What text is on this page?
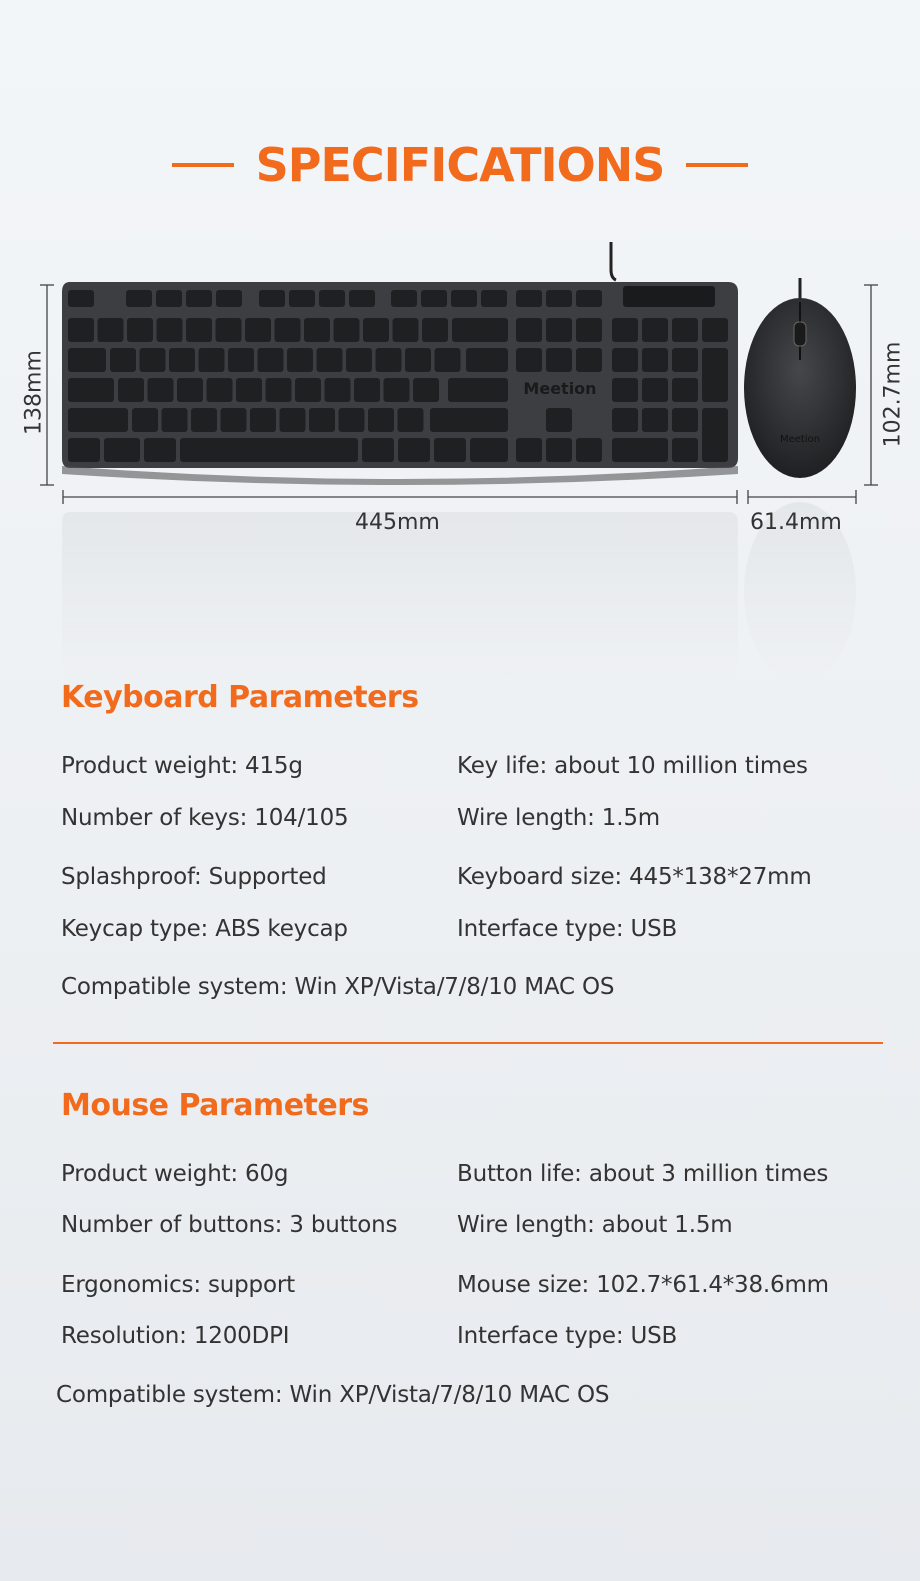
SPECIFICATIONS
Meetion
Meetion
138mm	102.7mm
445mm	61.4mm
Keyboard Parameters
Product weight: 415g	Key life: about 10 million times
Number of keys: 104/105	Wire length: 1.5m
Splashproof: Supported	Keyboard size: 445*138*27mm
Keycap type: ABS keycap	Interface type: USB
Compatible system: Win XP/Vista/7/8/10 MAC OS
Mouse Parameters
Product weight: 60g	Button life: about 3 million times
Number of buttons: 3 buttons	Wire length: about 1.5m
Ergonomics: support	Mouse size: 102.7*61.4*38.6mm
Resolution: 1200DPI	Interface type: USB
Compatible system: Win XP/Vista/7/8/10 MAC OS
